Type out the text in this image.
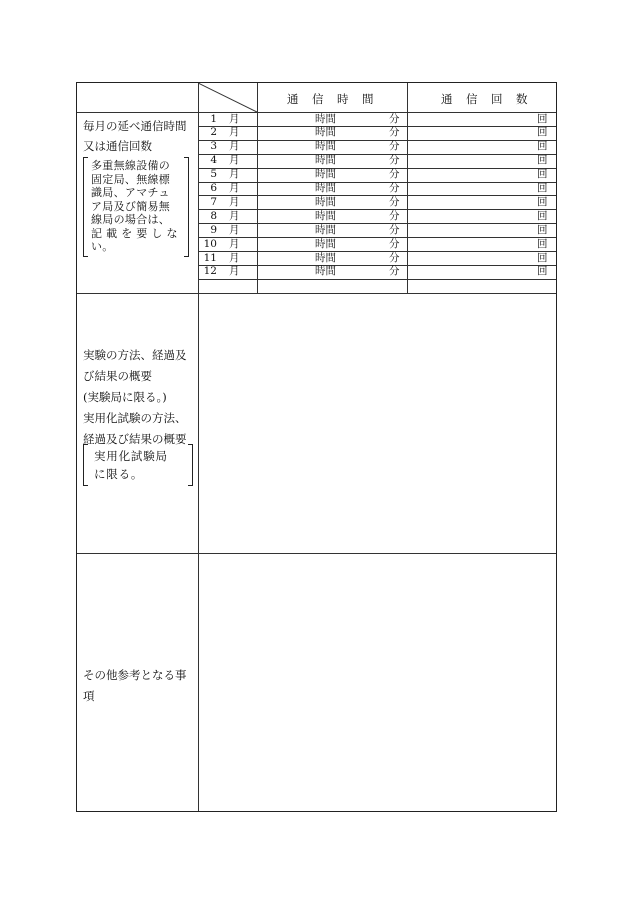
通 信 時 間	通 信 回 数
毎月の延べ通信時間
又は通信回数
多重無線設備の
固定局、無線標
識局、アマチュ
ア局及び簡易無
線局の場合は、
記 載 を 要 し な
い。
1 月	時間	分	回
2 月	時間	分	回
3 月	時間	分	回
4 月	時間	分	回
5 月	時間	分	回
6 月	時間	分	回
7 月	時間	分	回
8 月	時間	分	回
9 月	時間	分	回
10 月	時間	分	回
11 月	時間	分	回
12 月	時間	分	回
実験の方法、経過及
び結果の概要
(実験局に限る。)
実用化試験の方法、
経過及び結果の概要
実用化試験局
に限る。
その他参考となる事
項
